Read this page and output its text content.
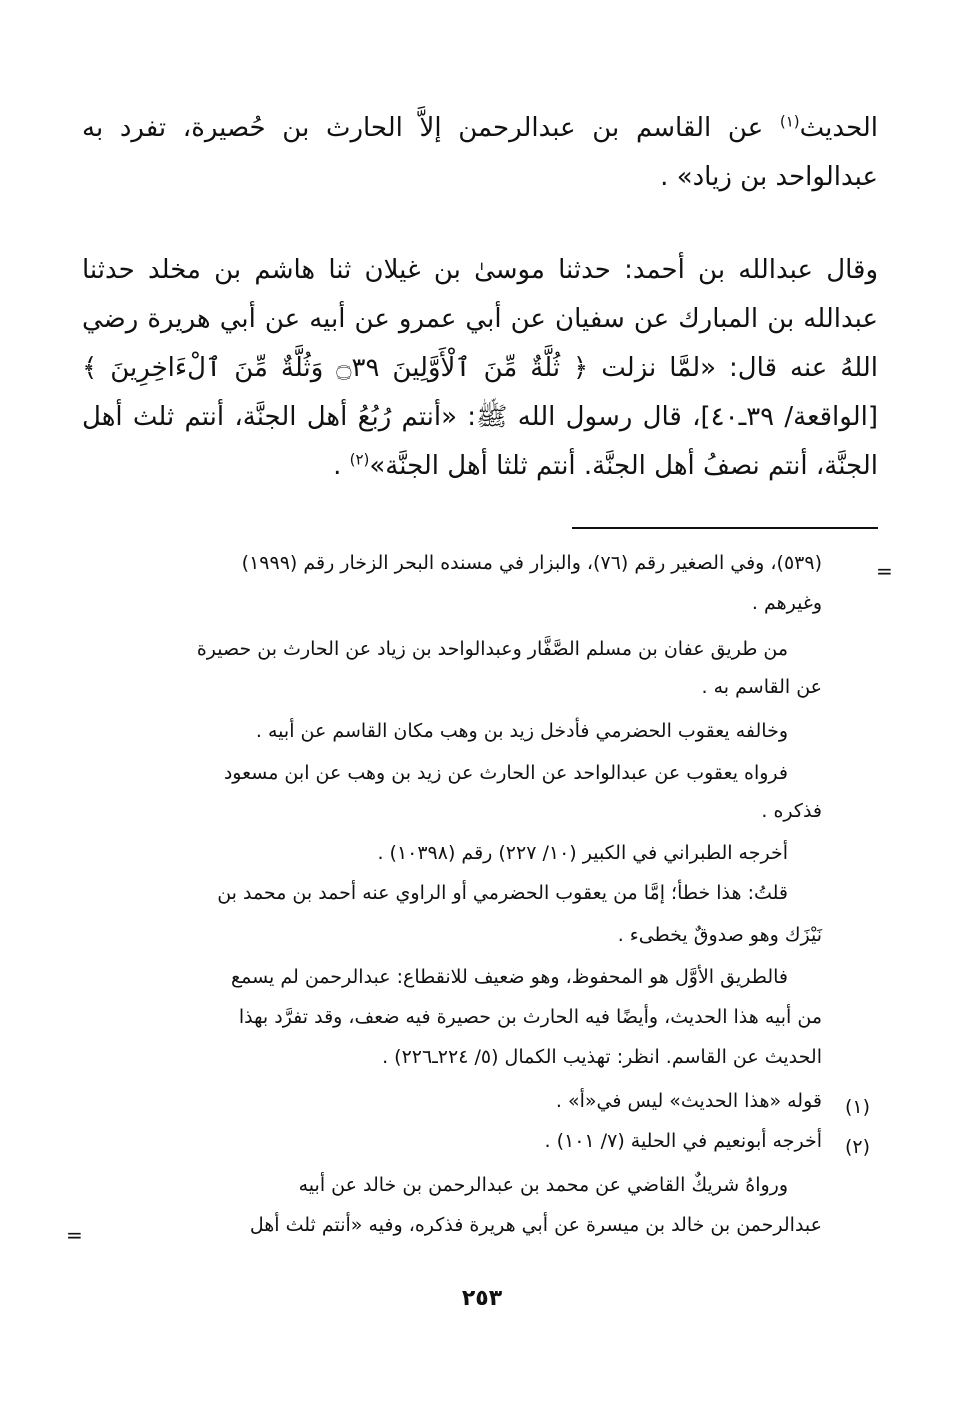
الحديث$^{(١)}$ عن القاسم بن عبدالرحمن إلاَّ الحارث بن حُصيرة، تفرد به عبدالواحد بن زياد» .
وقال عبدالله بن أحمد: حدثنا موسىٰ بن غيلان ثنا هاشم بن مخلد حدثنا عبدالله بن المبارك عن سفيان عن أبي عمرو عن أبيه عن أبي هريرة رضي اللهُ عنه قال: «لمَّا نزلت ﴿ ثُلَّةٌ مِّنَ ٱلْأَوَّلِينَ ۝٣٩ وَثُلَّةٌ مِّنَ ٱلْءَاخِرِينَ ﴾ [الواقعة/ ٣٩ـ٤٠]، قال رسول الله ﷺ: «أنتم رُبُعُ أهل الجنَّة، أنتم ثلث أهل الجنَّة، أنتم نصفُ أهل الجنَّة. أنتم ثلثا أهل الجنَّة»$^{(٢)}$ .
=
(٥٣٩)، وفي الصغير رقم (٧٦)، والبزار في مسنده البحر الزخار رقم (١٩٩٩)
وغيرهم .
من طريق عفان بن مسلم الصَّفَّار وعبدالواحد بن زياد عن الحارث بن حصيرة
عن القاسم به .
وخالفه يعقوب الحضرمي فأدخل زيد بن وهب مكان القاسم عن أبيه .
فرواه يعقوب عن عبدالواحد عن الحارث عن زيد بن وهب عن ابن مسعود
فذكره .
أخرجه الطبراني في الكبير (١٠/ ٢٢٧) رقم (١٠٣٩٨) .
قلتُ: هذا خطأ؛ إمَّا من يعقوب الحضرمي أو الراوي عنه أحمد بن محمد بن
نَيْزَك وهو صدوقٌ يخطىء .
فالطريق الأوَّل هو المحفوظ، وهو ضعيف للانقطاع: عبدالرحمن لم يسمع
من أبيه هذا الحديث، وأيضًا فيه الحارث بن حصيرة فيه ضعف، وقد تفرَّد بهذا
الحديث عن القاسم. انظر: تهذيب الكمال (٥/ ٢٢٤ـ٢٢٦) .
(١)
قوله «هذا الحديث» ليس في«أ» .
(٢)
أخرجه أبونعيم في الحلية (٧/ ١٠١) .
ورواهُ شريكٌ القاضي عن محمد بن عبدالرحمن بن خالد عن أبيه
عبدالرحمن بن خالد بن ميسرة عن أبي هريرة فذكره، وفيه «أنتم ثلث أهل
=
٢٥٣
